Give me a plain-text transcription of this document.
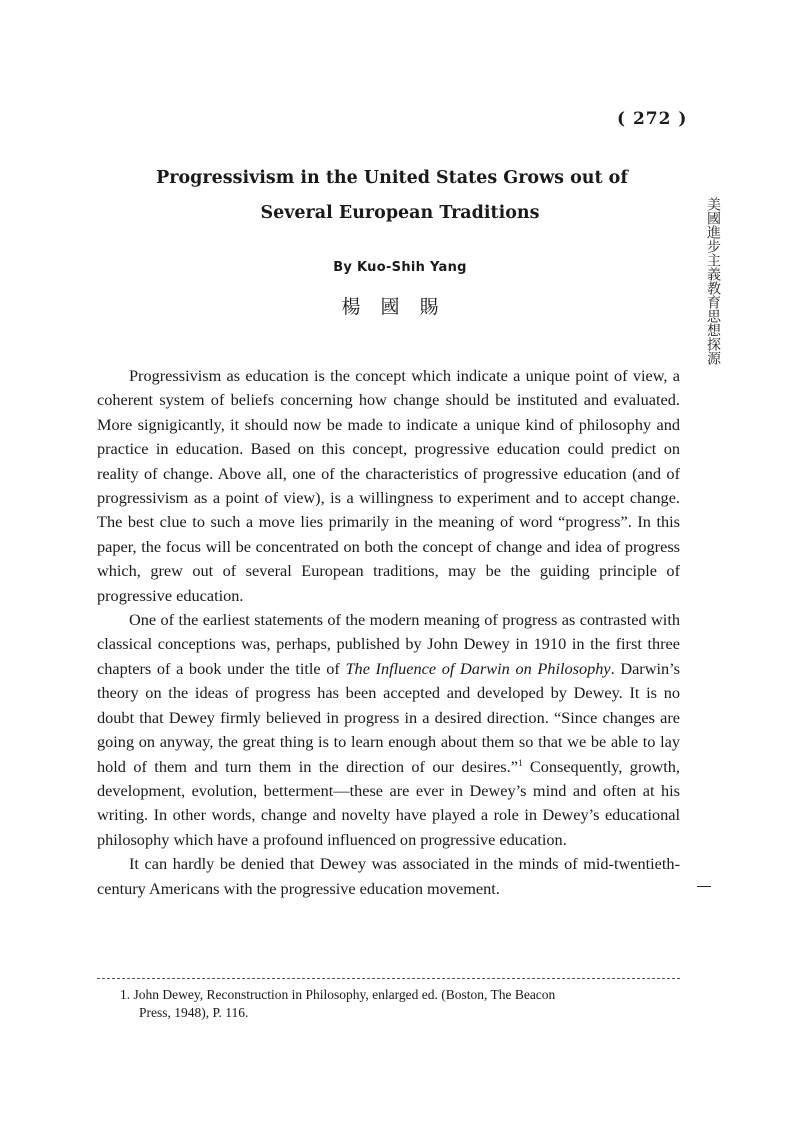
( 272 )
Progressivism in the United States Grows out of
Several European Traditions
By Kuo-Shih Yang
楊國賜	美國進步主義教育思想探源

Progressivism as education is the concept which indicate a unique point of view, a coherent system of beliefs concerning how change should be instituted and evaluated. More signigicantly, it should now be made to indicate a unique kind of philosophy and practice in education. Based on this concept, progressive education could predict on reality of change. Above all, one of the characteristics of progressive education (and of progressivism as a point of view), is a willingness to experiment and to accept change. The best clue to such a move lies primarily in the meaning of word “progress”. In this paper, the focus will be concentrated on both the concept of change and idea of progress which, grew out of several European traditions, may be the guiding principle of progressive education.

One of the earliest statements of the modern meaning of progress as contrasted with classical conceptions was, perhaps, published by John Dewey in 1910 in the first three chapters of a book under the title of The Influence of Darwin on Philosophy. Darwin’s theory on the ideas of progress has been accepted and developed by Dewey. It is no doubt that Dewey firmly believed in progress in a desired direction. “Since changes are going on anyway, the great thing is to learn enough about them so that we be able to lay hold of them and turn them in the direction of our desires.”$^1$ Consequently, growth, development, evolution, betterment—these are ever in Dewey’s mind and often at his writing. In other words, change and novelty have played a role in Dewey’s educational philosophy which have a profound influenced on progressive education.

It can hardly be denied that Dewey was associated in the minds of mid-twentieth-century Americans with the progressive education movement.

1. John Dewey, Reconstruction in Philosophy, enlarged ed. (Boston, The Beacon
Press, 1948), P. 116.
